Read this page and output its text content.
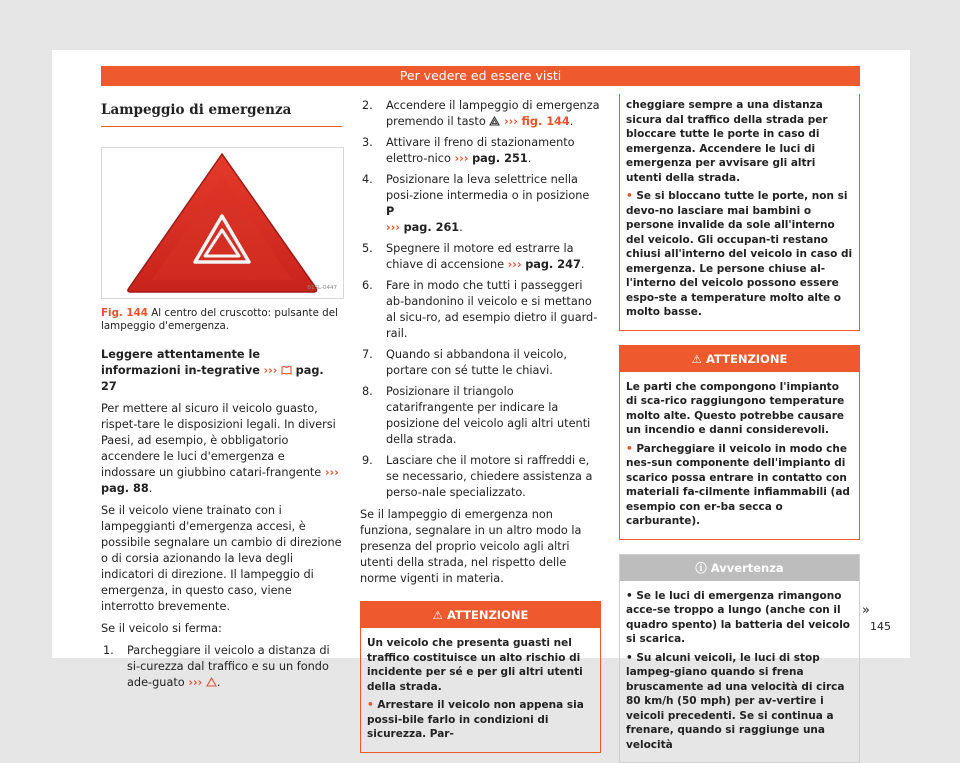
Per vedere ed essere visti
Lampeggio di emergenza
B1SL-0447
Fig. 144 Al centro del cruscotto: pulsante del lampeggio d'emergenza.

Leggere attentamente le informazioni in-tegrative ››› pag. 27

Per mettere al sicuro il veicolo guasto, rispet-tare le disposizioni legali. In diversi Paesi, ad esempio, è obbligatorio accendere le luci d'emergenza e indossare un giubbino catari-frangente ››› pag. 88.

Se il veicolo viene trainato con i lampeggianti d'emergenza accesi, è possibile segnalare un cambio di direzione o di corsia azionando la leva degli indicatori di direzione. Il lampeggio di emergenza, in questo caso, viene interrotto brevemente.

Se il veicolo si ferma:

1. Parcheggiare il veicolo a distanza di si-curezza dal traffico e su un fondo ade-guato ››› .
2. Accendere il lampeggio di emergenza premendo il tasto ››› fig. 144.
3. Attivare il freno di stazionamento elettro-nico ››› pag. 251.
4. Posizionare la leva selettrice nella posi-zione intermedia o in posizione P
››› pag. 261.
5. Spegnere il motore ed estrarre la chiave di accensione ››› pag. 247.
6. Fare in modo che tutti i passeggeri ab-bandonino il veicolo e si mettano al sicu-ro, ad esempio dietro il guard-rail.
7. Quando si abbandona il veicolo, portare con sé tutte le chiavi.
8. Posizionare il triangolo catarifrangente per indicare la posizione del veicolo agli altri utenti della strada.
9. Lasciare che il motore si raffreddi e, se necessario, chiedere assistenza a perso-nale specializzato.

Se il lampeggio di emergenza non funziona, segnalare in un altro modo la presenza del proprio veicolo agli altri utenti della strada, nel rispetto delle norme vigenti in materia.

⚠ ATTENZIONE

Un veicolo che presenta guasti nel traffico costituisce un alto rischio di incidente per sé e per gli altri utenti della strada.

• Arrestare il veicolo non appena sia possi-bile farlo in condizioni di sicurezza. Par-

cheggiare sempre a una distanza sicura dal traffico della strada per bloccare tutte le porte in caso di emergenza. Accendere le luci di emergenza per avvisare gli altri utenti della strada.

• Se si bloccano tutte le porte, non si devo-no lasciare mai bambini o persone invalide da sole all'interno del veicolo. Gli occupan-ti restano chiusi all'interno del veicolo in caso di emergenza. Le persone chiuse al-l'interno del veicolo possono essere espo-ste a temperature molto alte o molto basse.

⚠ ATTENZIONE

Le parti che compongono l'impianto di sca-rico raggiungono temperature molto alte. Questo potrebbe causare un incendio e danni considerevoli.

• Parcheggiare il veicolo in modo che nes-sun componente dell'impianto di scarico possa entrare in contatto con materiali fa-cilmente infiammabili (ad esempio con er-ba secca o carburante).

ⓘ Avvertenza

• Se le luci di emergenza rimangono acce-se troppo a lungo (anche con il quadro spento) la batteria del veicolo si scarica.

• Su alcuni veicoli, le luci di stop lampeg-giano quando si frena bruscamente ad una velocità di circa 80 km/h (50 mph) per av-vertire i veicoli precedenti. Se si continua a frenare, quando si raggiunge una velocità

»
145
